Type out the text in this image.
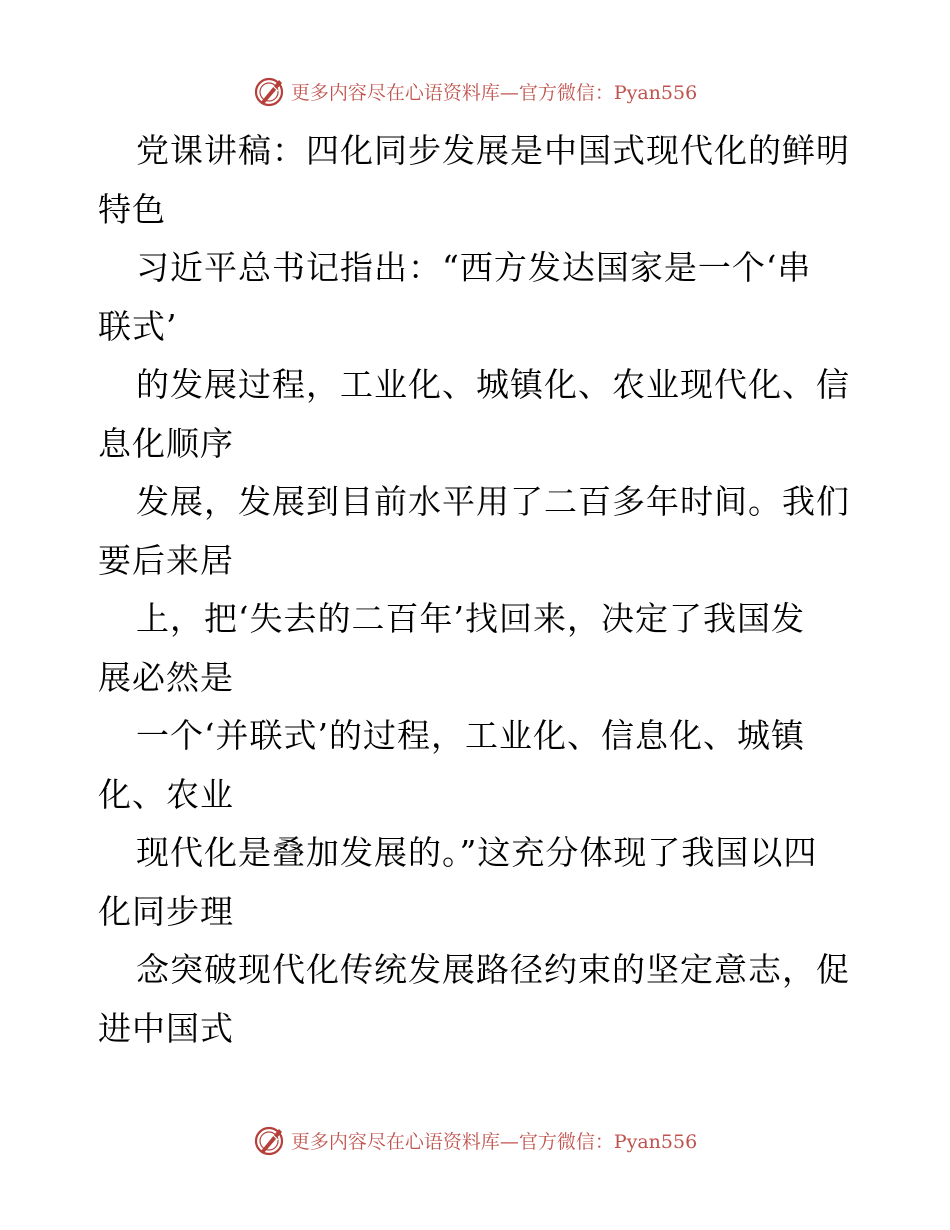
更多内容尽在心语资料库—官方微信：Pyan556

党课讲稿：四化同步发展是中国式现代化的鲜明
特色

习近平总书记指出：“西方发达国家是一个‘串
联式’

的发展过程，工业化、城镇化、农业现代化、信
息化顺序

发展，发展到目前水平用了二百多年时间。我们
要后来居

上，把‘失去的二百年’找回来，决定了我国发
展必然是

一个‘并联式’的过程，工业化、信息化、城镇
化、农业

现代化是叠加发展的。”这充分体现了我国以四
化同步理

念突破现代化传统发展路径约束的坚定意志，促
进中国式

更多内容尽在心语资料库—官方微信：Pyan556
